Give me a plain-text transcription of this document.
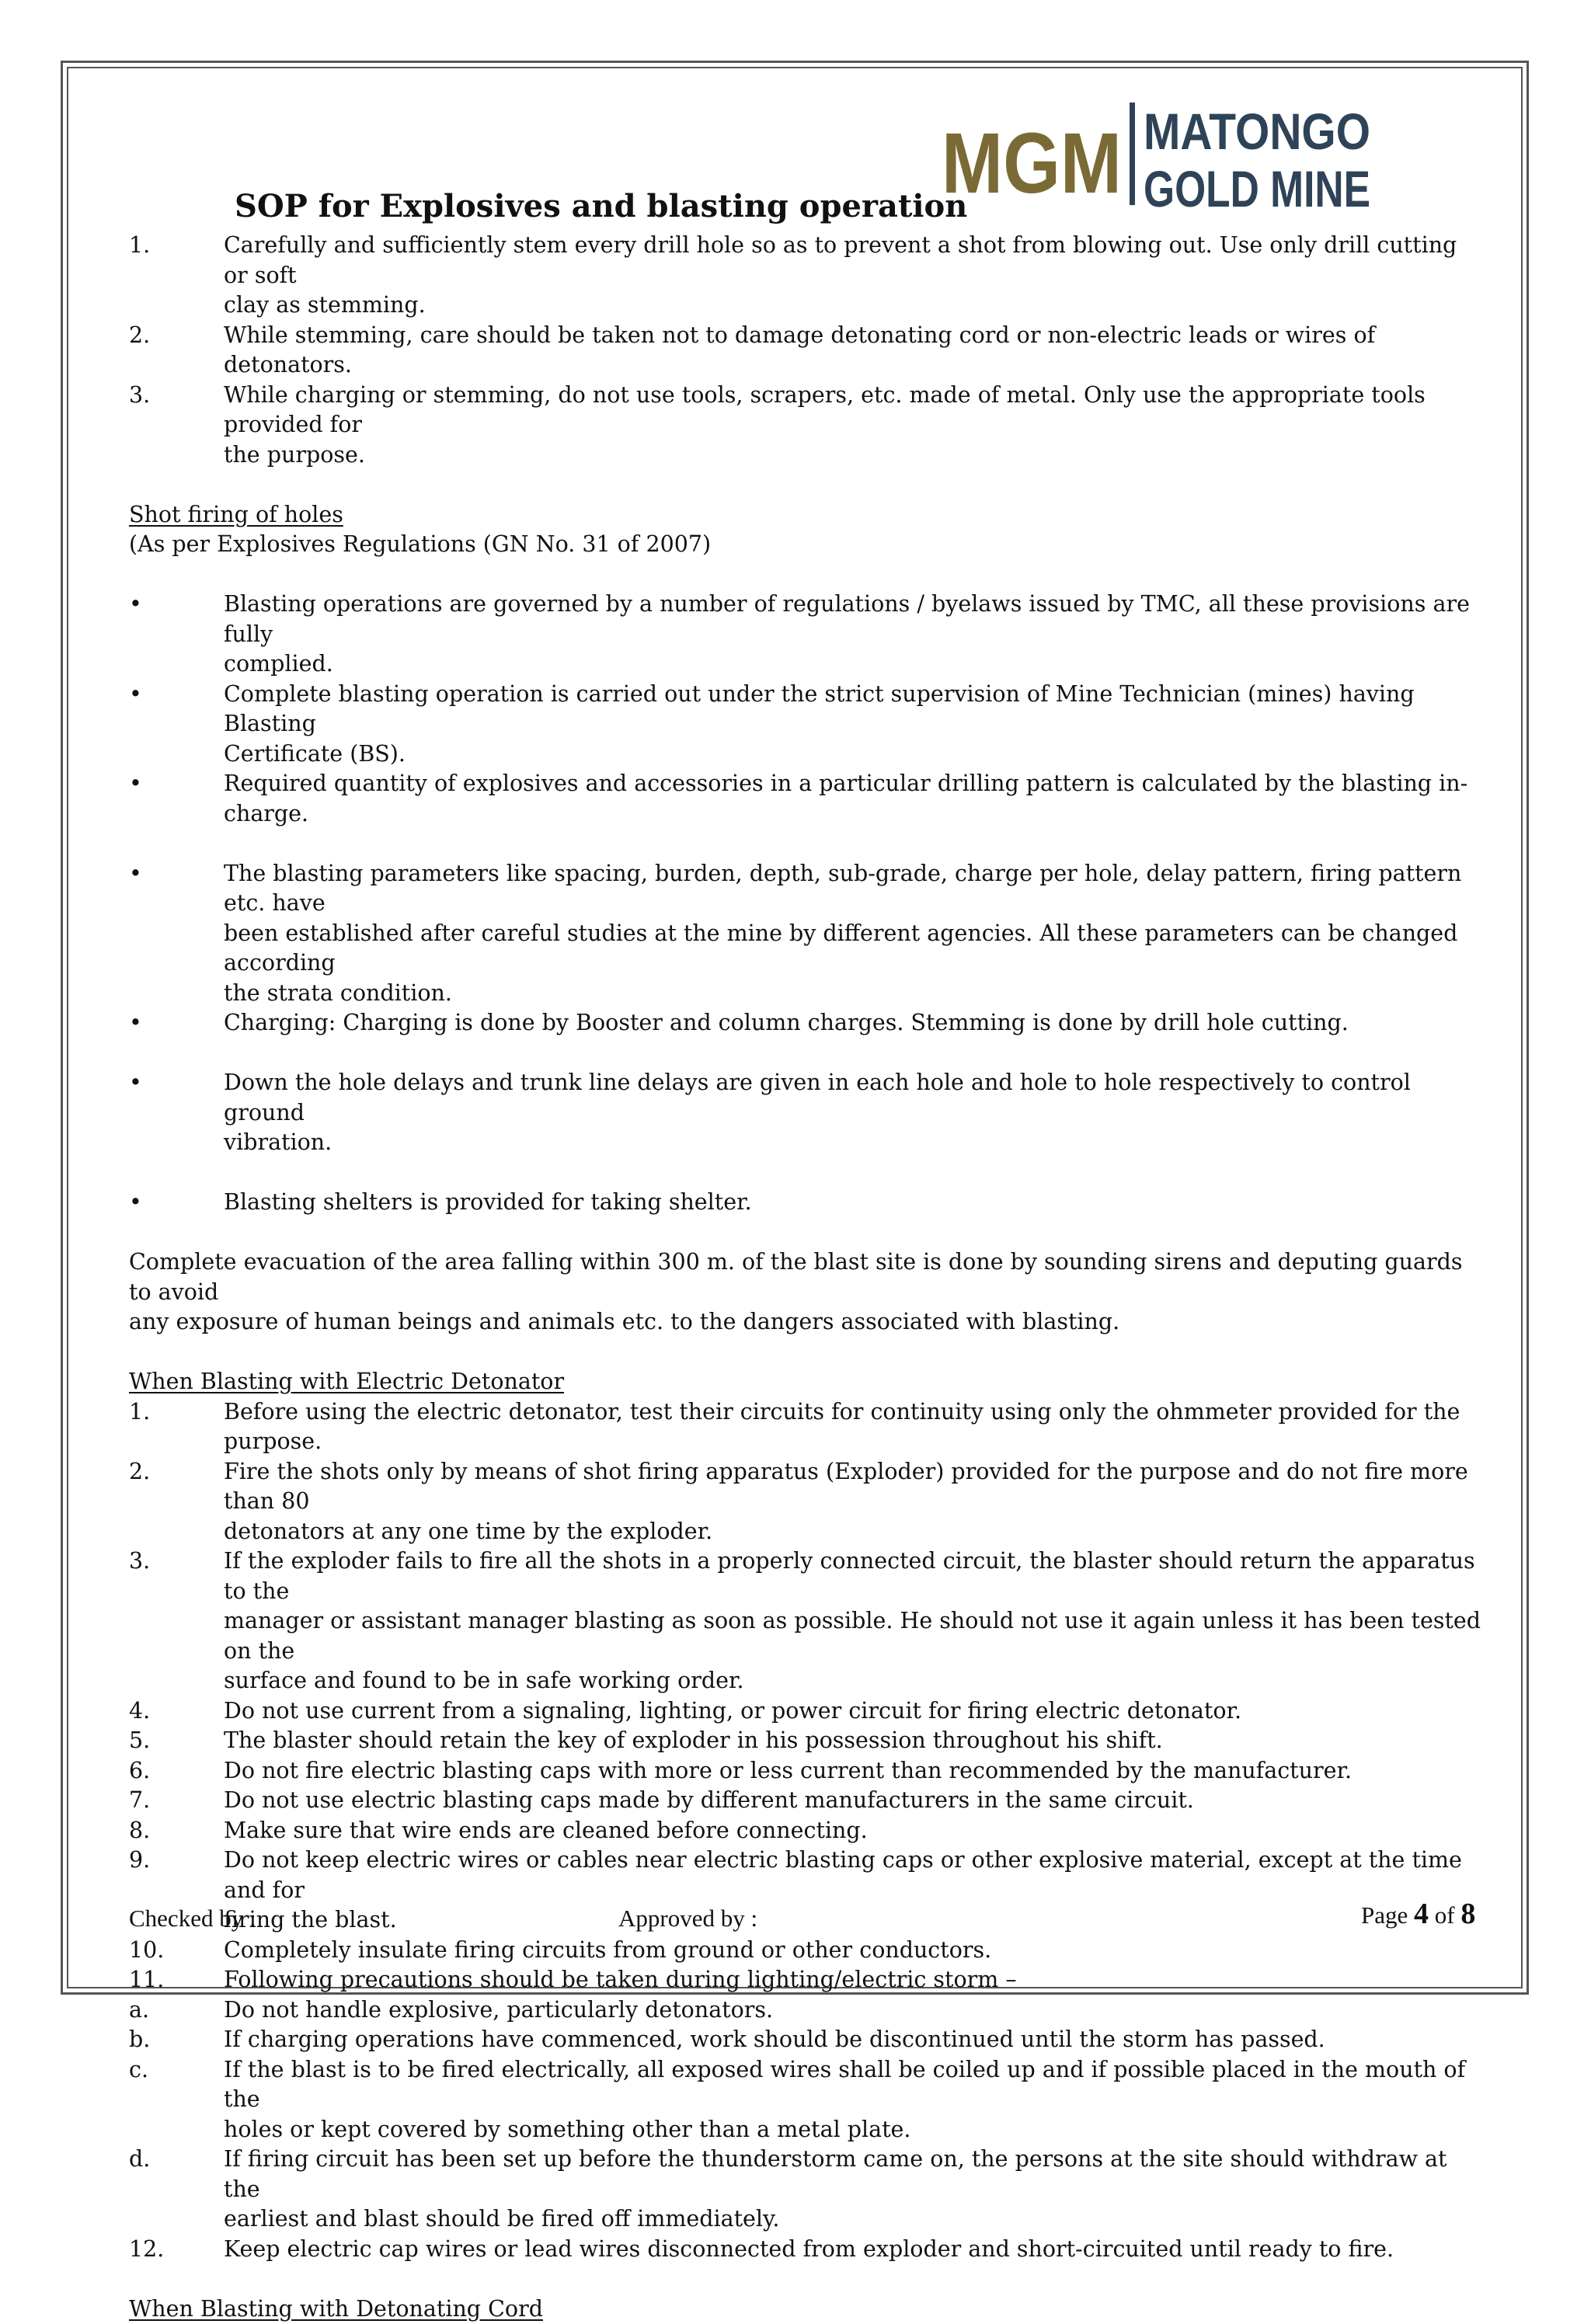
MGM MATONGO
GOLD MINE
SOP for Explosives and blasting operation
1.	Carefully and sufficiently stem every drill hole so as to prevent a shot from blowing out. Use only drill cutting or soft
clay as stemming.
2.	While stemming, care should be taken not to damage detonating cord or non-electric leads or wires of detonators.
3.	While charging or stemming, do not use tools, scrapers, etc. made of metal. Only use the appropriate tools provided for
the purpose.
Shot firing of holes
(As per Explosives Regulations (GN No. 31 of 2007)
•	Blasting operations are governed by a number of regulations / byelaws issued by TMC, all these provisions are fully
complied.
•	Complete blasting operation is carried out under the strict supervision of Mine Technician (mines) having Blasting
Certificate (BS).
•	Required quantity of explosives and accessories in a particular drilling pattern is calculated by the blasting in-charge.
•	The blasting parameters like spacing, burden, depth, sub-grade, charge per hole, delay pattern, firing pattern etc. have
been established after careful studies at the mine by different agencies. All these parameters can be changed according
the strata condition.
•	Charging: Charging is done by Booster and column charges. Stemming is done by drill hole cutting.
•	Down the hole delays and trunk line delays are given in each hole and hole to hole respectively to control ground
vibration.
•	Blasting shelters is provided for taking shelter.
Complete evacuation of the area falling within 300 m. of the blast site is done by sounding sirens and deputing guards to avoid
any exposure of human beings and animals etc. to the dangers associated with blasting.
When Blasting with Electric Detonator
1.	Before using the electric detonator, test their circuits for continuity using only the ohmmeter provided for the purpose.
2.	Fire the shots only by means of shot firing apparatus (Exploder) provided for the purpose and do not fire more than 80
detonators at any one time by the exploder.
3.	If the exploder fails to fire all the shots in a properly connected circuit, the blaster should return the apparatus to the
manager or assistant manager blasting as soon as possible. He should not use it again unless it has been tested on the
surface and found to be in safe working order.
4.	Do not use current from a signaling, lighting, or power circuit for firing electric detonator.
5.	The blaster should retain the key of exploder in his possession throughout his shift.
6.	Do not fire electric blasting caps with more or less current than recommended by the manufacturer.
7.	Do not use electric blasting caps made by different manufacturers in the same circuit.
8.	Make sure that wire ends are cleaned before connecting.
9.	Do not keep electric wires or cables near electric blasting caps or other explosive material, except at the time and for
firing the blast.
10.	Completely insulate firing circuits from ground or other conductors.
11.	Following precautions should be taken during lighting/electric storm –
a.	Do not handle explosive, particularly detonators.
b.	If charging operations have commenced, work should be discontinued until the storm has passed.
c.	If the blast is to be fired electrically, all exposed wires shall be coiled up and if possible placed in the mouth of the
holes or kept covered by something other than a metal plate.
d.	If firing circuit has been set up before the thunderstorm came on, the persons at the site should withdraw at the
earliest and blast should be fired off immediately.
12.	Keep electric cap wires or lead wires disconnected from exploder and short-circuited until ready to fire.
When Blasting with Detonating Cord
Checked by :	Approved by :	Page 4 of 8
